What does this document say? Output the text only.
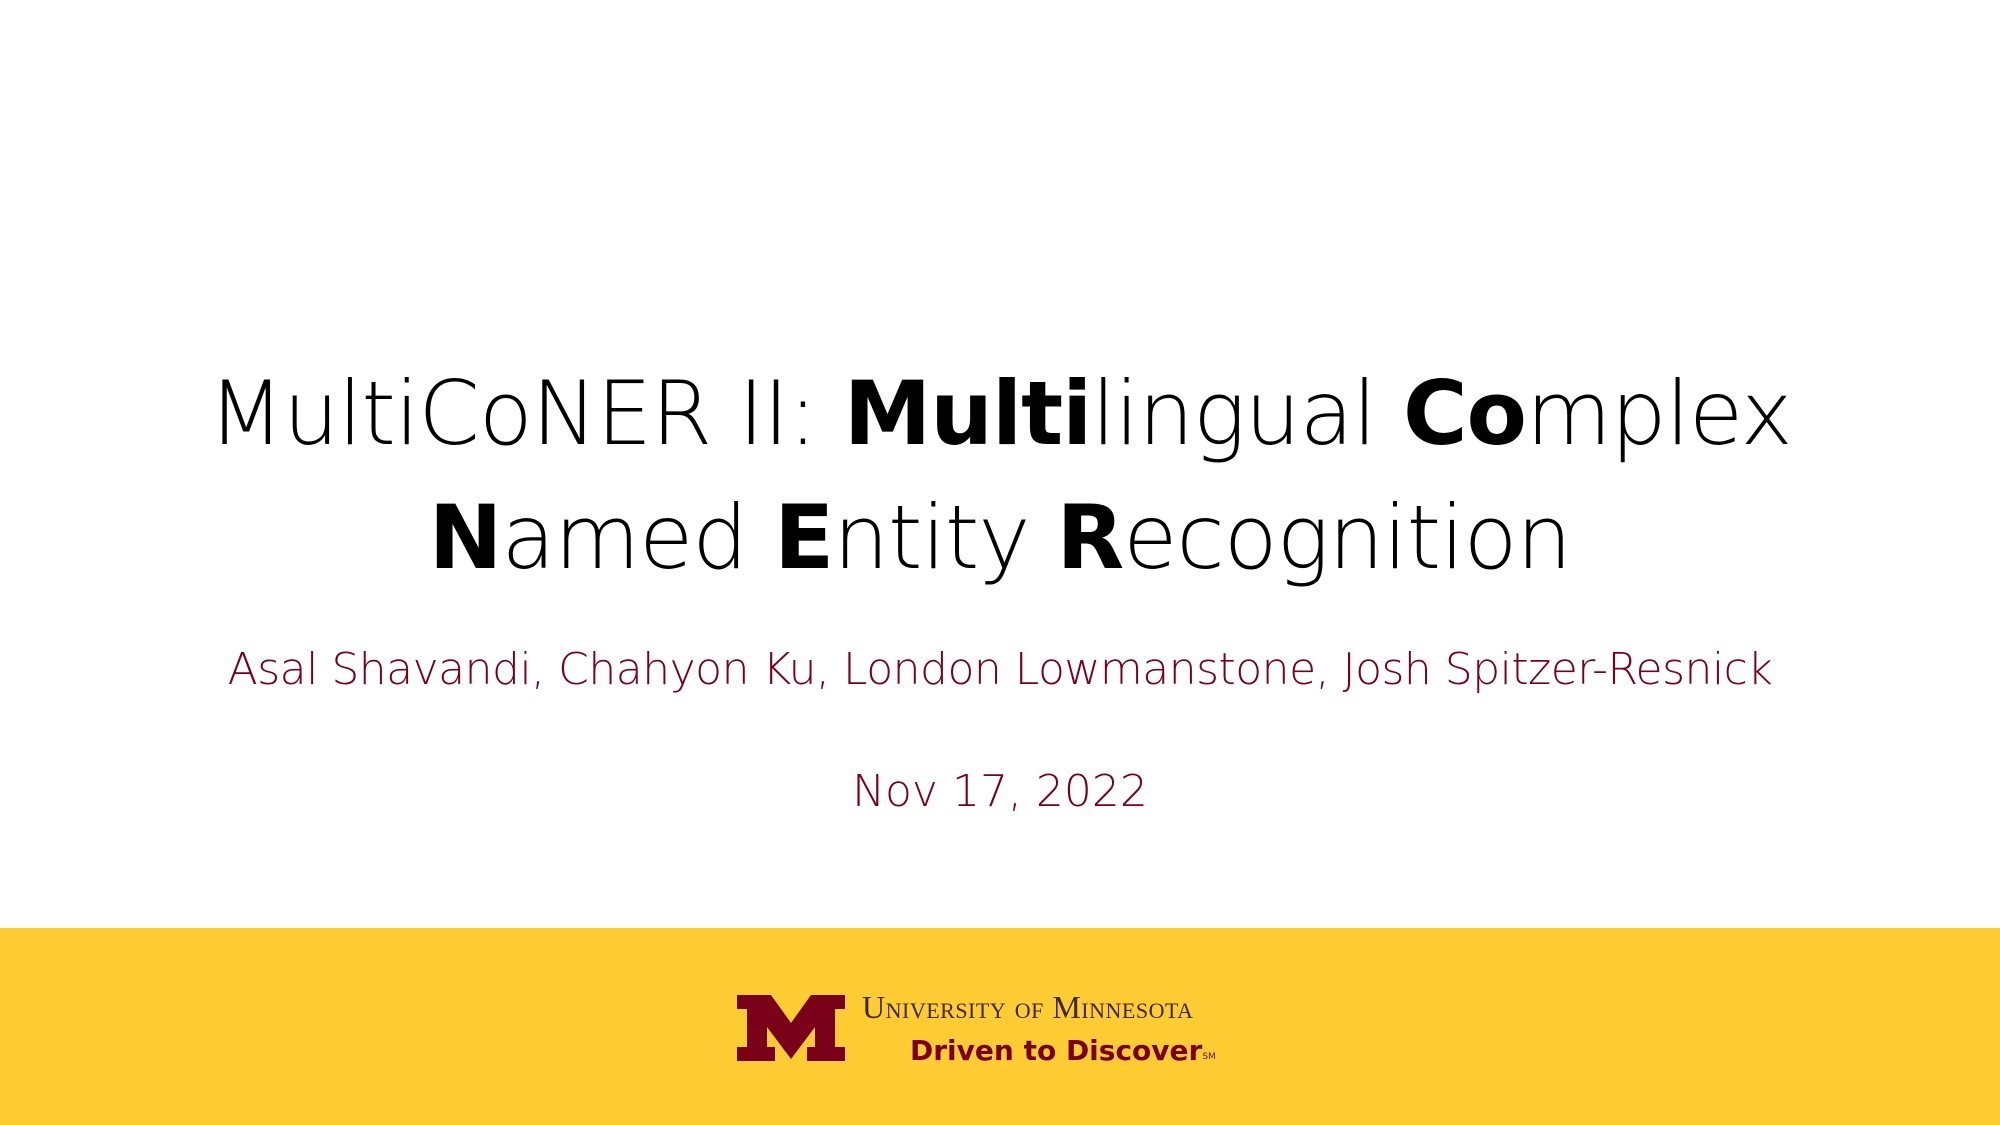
MultiCoNER II: Multilingual Complex
Named Entity Recognition
Asal Shavandi, Chahyon Ku, London Lowmanstone, Josh Spitzer-Resnick
Nov 17, 2022
University of Minnesota
Driven to Discover℠
